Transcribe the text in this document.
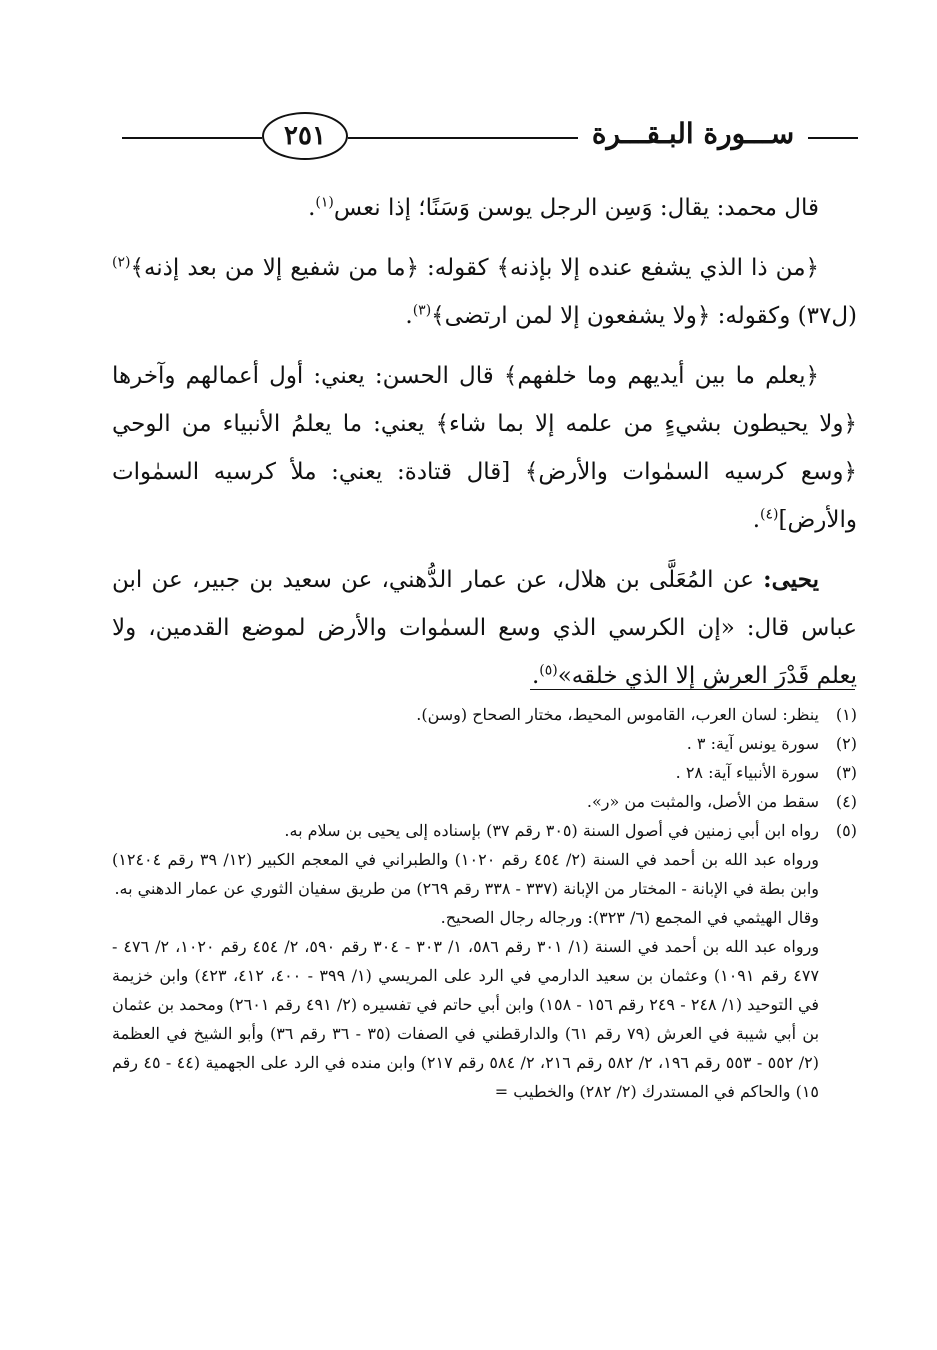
٢٥١	ســـورة البـقـــرة

قال محمد: يقال: وَسِن الرجل يوسن وَسَنًا؛ إذا نعس$^{(١)}$.

﴿من ذا الذي يشفع عنده إلا بإذنه﴾ كقوله: ﴿ما من شفيع إلا من بعد إذنه﴾$^{(٢)}$ (ل٣٧) وكقوله: ﴿ولا يشفعون إلا لمن ارتضى﴾$^{(٣)}$.

﴿يعلم ما بين أيديهم وما خلفهم﴾ قال الحسن: يعني: أول أعمالهم وآخرها ﴿ولا يحيطون بشيءٍ من علمه إلا بما شاء﴾ يعني: ما يعلمُ الأنبياء من الوحي ﴿وسع كرسيه السمٰوات والأرض﴾ [قال قتادة: يعني: ملأ كرسيه السمٰوات والأرض]$^{(٤)}$.

يحيى: عن المُعَلَّى بن هلال، عن عمار الدُّهني، عن سعيد بن جبير، عن ابن عباس قال: «إن الكرسي الذي وسع السمٰوات والأرض لموضع القدمين، ولا يعلم قَدْرَ العرش إلا الذي خلقه»$^{(٥)}$.

(١)
ينظر: لسان العرب، القاموس المحيط، مختار الصحاح (وسن).
(٢)
سورة يونس آية: ٣ .
(٣)
سورة الأنبياء آية: ٢٨ .
(٤)
سقط من الأصل، والمثبت من «ر».
(٥)
رواه ابن أبي زمنين في أصول السنة (٣٠٥ رقم ٣٧) بإسناده إلى يحيى بن سلام به.
ورواه عبد الله بن أحمد في السنة (٢/ ٤٥٤ رقم ١٠٢٠) والطبراني في المعجم الكبير (١٢/ ٣٩ رقم ١٢٤٠٤) وابن بطة في الإبانة - المختار من الإبانة (٣٣٧ - ٣٣٨ رقم ٢٦٩) من طريق سفيان الثوري عن عمار الدهني به.
وقال الهيثمي في المجمع (٦/ ٣٢٣): ورجاله رجال الصحيح.
ورواه عبد الله بن أحمد في السنة (١/ ٣٠١ رقم ٥٨٦، ١/ ٣٠٣ - ٣٠٤ رقم ٥٩٠، ٢/ ٤٥٤ رقم ١٠٢٠، ٢/ ٤٧٦ - ٤٧٧ رقم ١٠٩١) وعثمان بن سعيد الدارمي في الرد على المريسي (١/ ٣٩٩ - ٤٠٠، ٤١٢، ٤٢٣) وابن خزيمة في التوحيد (١/ ٢٤٨ - ٢٤٩ رقم ١٥٦ - ١٥٨) وابن أبي حاتم في تفسيره (٢/ ٤٩١ رقم ٢٦٠١) ومحمد بن عثمان بن أبي شيبة في العرش (٧٩ رقم ٦١) والدارقطني في الصفات (٣٥ - ٣٦ رقم ٣٦) وأبو الشيخ في العظمة (٢/ ٥٥٢ - ٥٥٣ رقم ١٩٦، ٢/ ٥٨٢ رقم ٢١٦، ٢/ ٥٨٤ رقم ٢١٧) وابن منده في الرد على الجهمية (٤٤ - ٤٥ رقم ١٥) والحاكم في المستدرك (٢/ ٢٨٢) والخطيب =
